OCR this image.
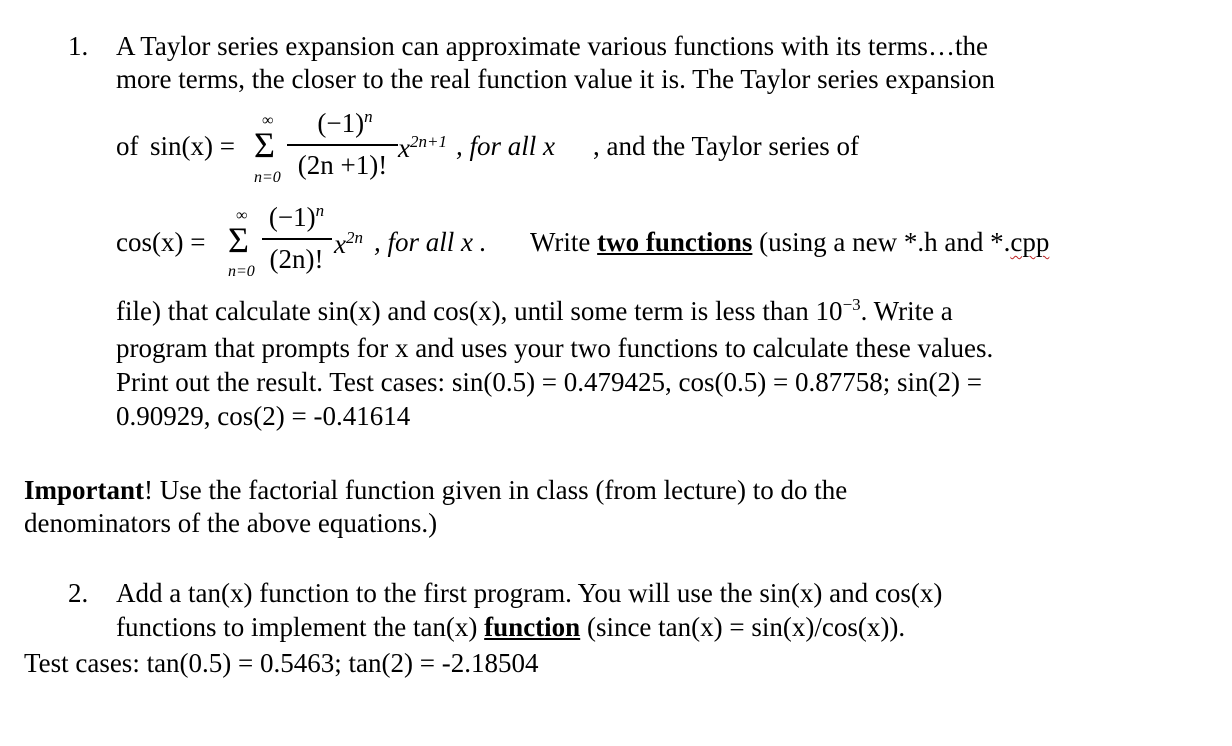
1. A Taylor series expansion can approximate various functions with its terms…the
more terms, the closer to the real function value it is. The Taylor series expansion
of sin(x) =
∞
Σ
n=0
$(-1)^n$
(2n +1)!
$x^{2n+1}$ , for all x , and the Taylor series of
cos(x) =
∞
Σ
n=0
$(-1)^n$
(2n)! $x^{2n}$ , for all x . Write two functions (using a new *.h and *.cpp
file) that calculate sin(x) and cos(x), until some term is less than $10^{-3}$. Write a
program that prompts for x and uses your two functions to calculate these values.
Print out the result. Test cases: sin(0.5) = 0.479425, cos(0.5) = 0.87758; sin(2) =
0.90929, cos(2) = -0.41614
Important! Use the factorial function given in class (from lecture) to do the
denominators of the above equations.)
2. Add a tan(x) function to the first program. You will use the sin(x) and cos(x)
functions to implement the tan(x) function (since tan(x) = sin(x)/cos(x)).
Test cases: tan(0.5) = 0.5463; tan(2) = -2.18504
